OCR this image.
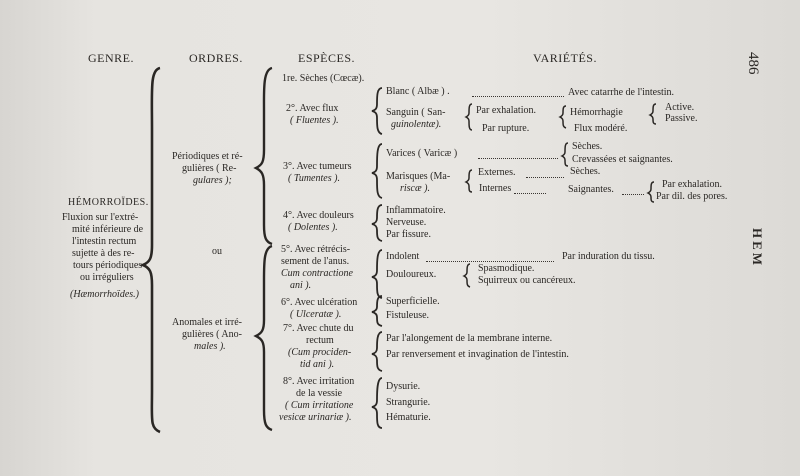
GENRE.	ORDRES.	ESPÈCES.	VARIÉTÉS.	486
HEM
HÉMORROÏDES.
Fluxion sur l'extré-
mité inférieure de
l'intestin rectum
sujette à des re-
tours périodiques
ou irréguliers
(Hæmorrhoïdes.)
Périodiques et ré-
gulières ( Re-
gulares );
ou
Anomales et irré-
gulières ( Ano-
males ).
1re. Sèches (Cœcæ).
2°. Avec flux
( Fluentes ).
3°. Avec tumeurs
( Tumentes ).
4°. Avec douleurs
( Dolentes ).
5°. Avec rétrécis-
sement de l'anus.
Cum contractione
ani ).
6°. Avec ulcération
( Ulceratæ ).
7°. Avec chute du
rectum
(Cum prociden-
tid ani ).
8°. Avec irritation
de la vessie
( Cum irritatione
vesicæ urinariæ ).
Blanc ( Albæ ) .	Avec catarrhe de l'intestin.
Sanguin ( San-
guinolentæ).
Par exhalation.
Par rupture.
Hémorrhagie	Active.
Passive.
Flux modéré.
Varices ( Varicæ )
Sèches.
Crevassées et saignantes.
Marisques (Ma-
riscæ ).
Externes.	Sèches.
Internes	Saignantes.	Par exhalation.
Par dil. des pores.
Inflammatoire.
Nerveuse.
Par fissure.
Indolent	Par induration du tissu.
Douloureux.
Spasmodique.
Squirreux ou cancéreux.
Superficielle.
Fistuleuse.
Par l'alongement de la membrane interne.
Par renversement et invagination de l'intestin.
Dysurie.
Strangurie.
Hématurie.
